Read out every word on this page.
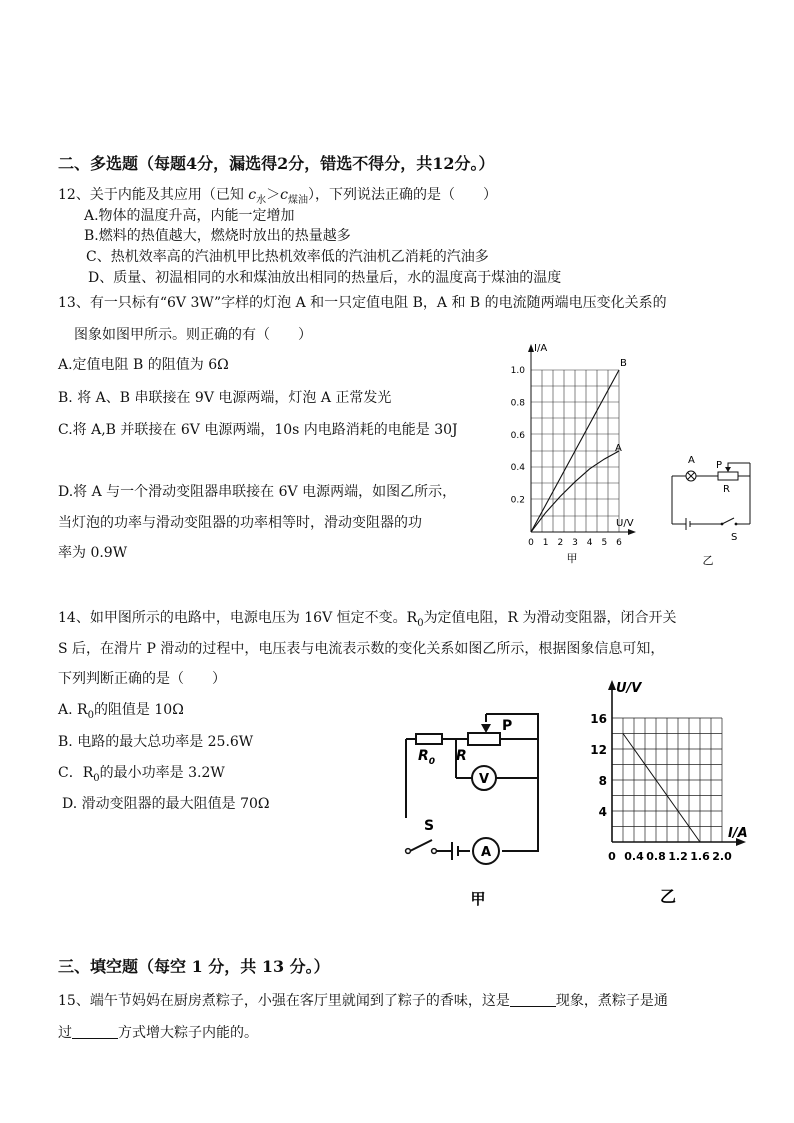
二、多选题（每题4分，漏选得2分，错选不得分，共12分。）
12、关于内能及其应用（已知 $c_水>c_{煤油}$），下列说法正确的是（　　）
A.物体的温度升高，内能一定增加
B.燃料的热值越大，燃烧时放出的热量越多
C、热机效率高的汽油机甲比热机效率低的汽油机乙消耗的汽油多
D、质量、初温相同的水和煤油放出相同的热量后，水的温度高于煤油的温度
13、有一只标有“6V 3W”字样的灯泡 A 和一只定值电阻 B，A 和 B 的电流随两端电压变化关系的
图象如图甲所示。则正确的有（　　）
A.定值电阻 B 的阻值为 6Ω
B. 将 A、B 串联接在 9V 电源两端，灯泡 A 正常发光
C.将 A,B 并联接在 6V 电源两端，10s 内电路消耗的电能是 30J
D.将 A 与一个滑动变阻器串联接在 6V 电源两端，如图乙所示，
当灯泡的功率与滑动变阻器的功率相等时，滑动变阻器的功
率为 0.9W
I/A
U/V
1.0
0.8
0.6
0.4
0.2
0 1 2 3 4 5 6
B
A
甲
A P
R
S
乙
14、如甲图所示的电路中，电源电压为 16V 恒定不变。$R_0$为定值电阻，R 为滑动变阻器，闭合开关
S 后，在滑片 P 滑动的过程中，电压表与电流表示数的变化关系如图乙所示，根据图象信息可知，
下列判断正确的是（　　）
A. $R_0$的阻值是 10Ω
B. 电路的最大总功率是 25.6W
C．$R_0$的最小功率是 3.2W
D. 滑动变阻器的最大阻值是 70Ω
$R_0$ R
P
V
A
S
甲
U/V
I/A
16
12
8
4
0 0.4 0.8 1.2 1.6 2.0
乙
三、填空题（每空 1 分，共 13 分。）
15、端午节妈妈在厨房煮粽子，小强在客厅里就闻到了粽子的香味，这是	现象，煮粽子是通
过	方式增大粽子内能的。
